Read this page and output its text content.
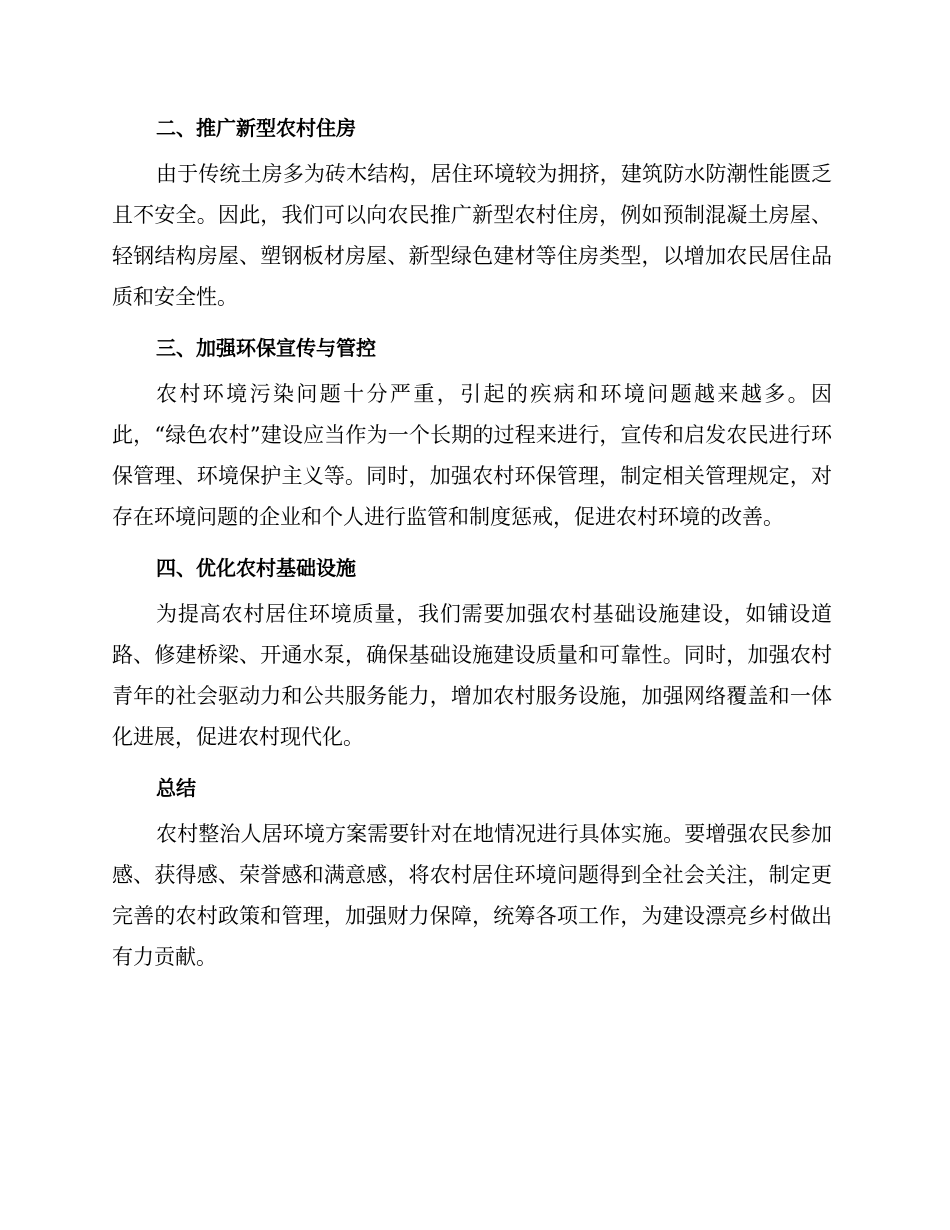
二、推广新型农村住房

由于传统土房多为砖木结构，居住环境较为拥挤，建筑防水防潮性能匮乏且不安全。因此，我们可以向农民推广新型农村住房，例如预制混凝土房屋、轻钢结构房屋、塑钢板材房屋、新型绿色建材等住房类型，以增加农民居住品质和安全性。

三、加强环保宣传与管控

农村环境污染问题十分严重，引起的疾病和环境问题越来越多。因此，“绿色农村”建设应当作为一个长期的过程来进行，宣传和启发农民进行环保管理、环境保护主义等。同时，加强农村环保管理，制定相关管理规定，对存在环境问题的企业和个人进行监管和制度惩戒，促进农村环境的改善。

四、优化农村基础设施

为提高农村居住环境质量，我们需要加强农村基础设施建设，如铺设道路、修建桥梁、开通水泵，确保基础设施建设质量和可靠性。同时，加强农村青年的社会驱动力和公共服务能力，增加农村服务设施，加强网络覆盖和一体化进展，促进农村现代化。

总结

农村整治人居环境方案需要针对在地情况进行具体实施。要增强农民参加感、获得感、荣誉感和满意感，将农村居住环境问题得到全社会关注，制定更完善的农村政策和管理，加强财力保障，统筹各项工作，为建设漂亮乡村做出有力贡献。
